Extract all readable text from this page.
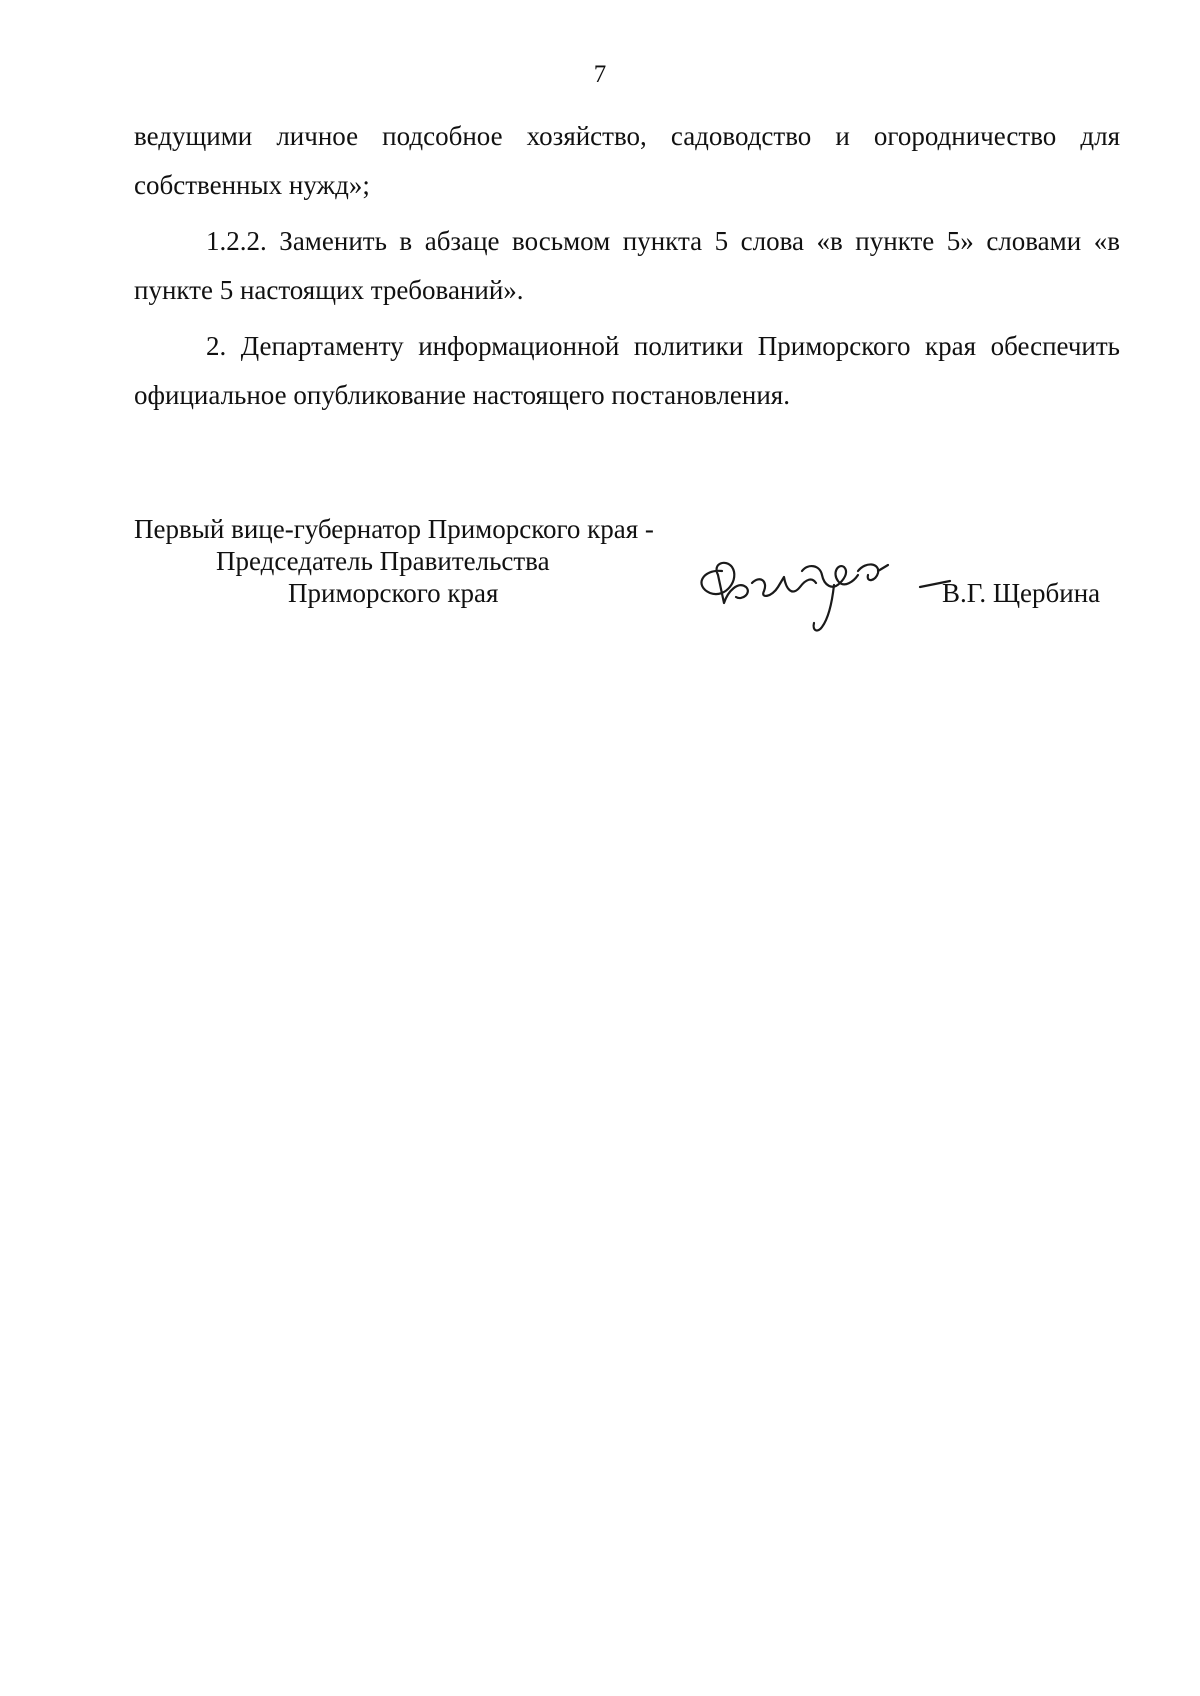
7

ведущими личное подсобное хозяйство, садоводство и огородничество для собственных нужд»;

1.2.2. Заменить в абзаце восьмом пункта 5 слова «в пункте 5» словами «в пункте 5 настоящих требований».

2. Департаменту информационной политики Приморского края обеспечить официальное опубликование настоящего постановления.

Первый вице-губернатор Приморского края -
Председатель Правительства
Приморского края	В.Г. Щербина
